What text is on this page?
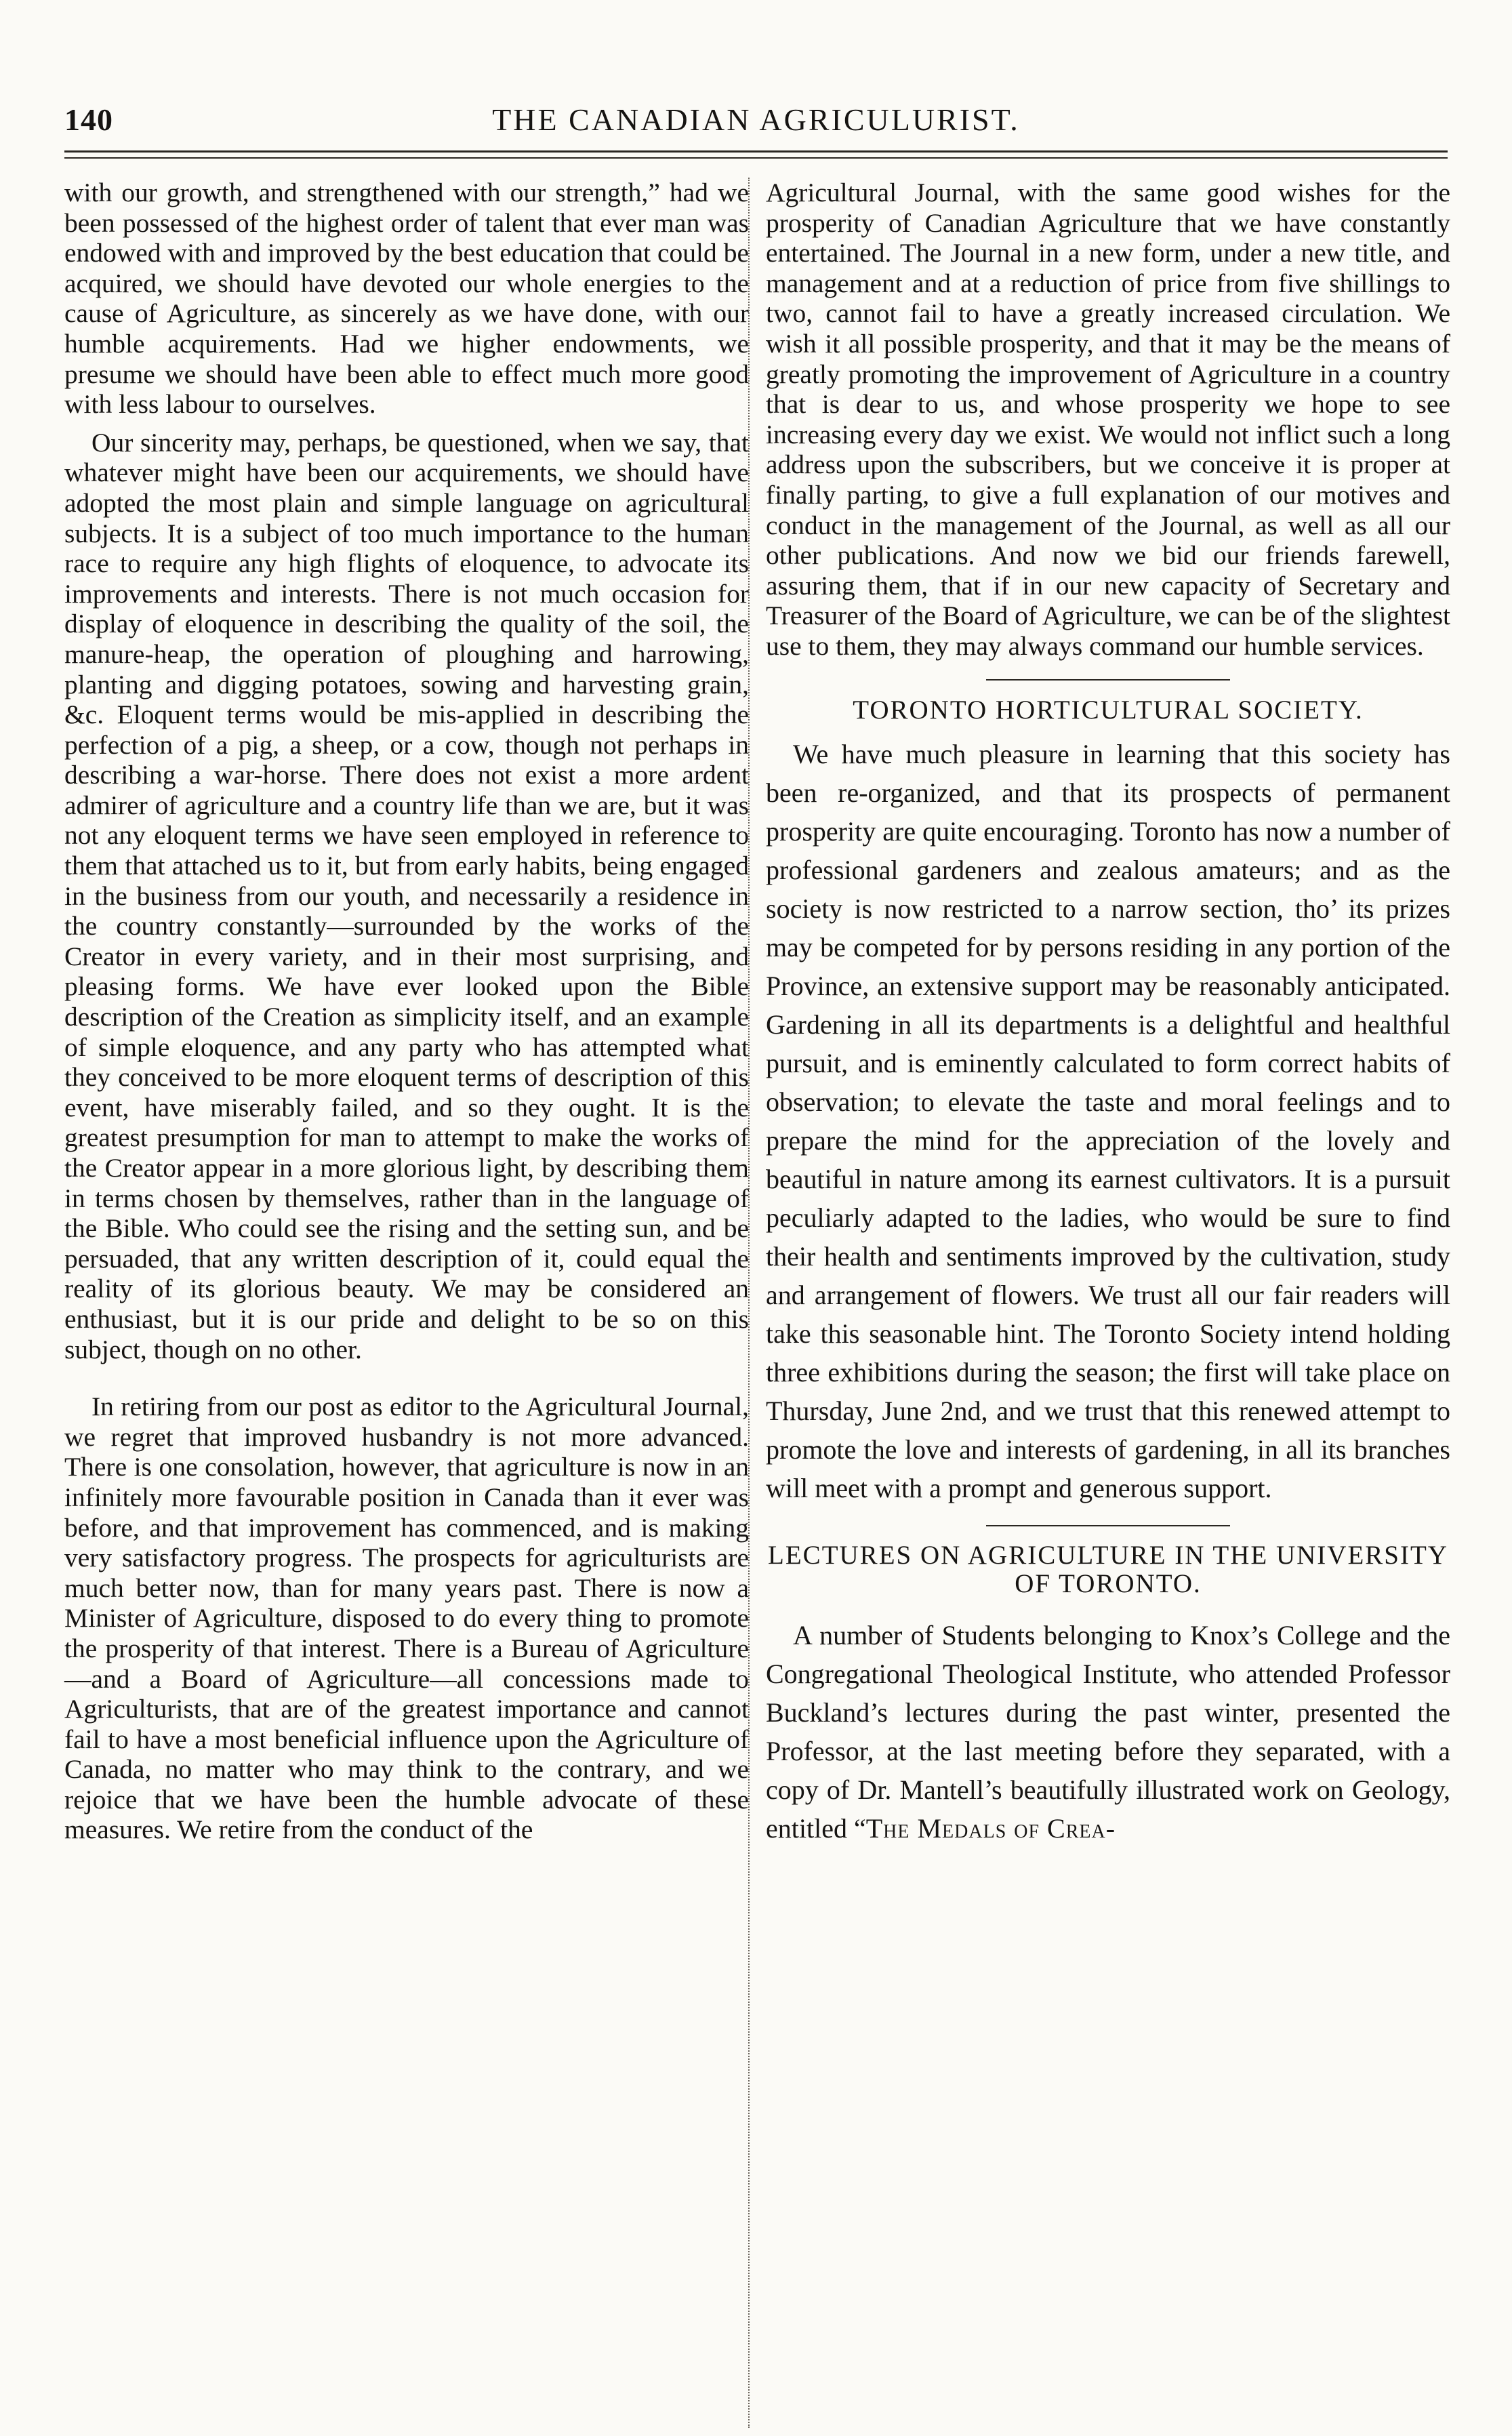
140	THE CANADIAN AGRICULURIST.

with our growth, and strengthened with our strength,” had we been possessed of the highest order of talent that ever man was endowed with and improved by the best education that could be acquired, we should have devoted our whole energies to the cause of Agriculture, as sincerely as we have done, with our humble acquirements. Had we higher endowments, we presume we should have been able to effect much more good with less labour to ourselves.

Our sincerity may, perhaps, be questioned, when we say, that whatever might have been our acquirements, we should have adopted the most plain and simple language on agricultural subjects. It is a subject of too much importance to the human race to require any high flights of eloquence, to advocate its improvements and interests. There is not much occasion for display of eloquence in describing the quality of the soil, the manure-heap, the operation of ploughing and harrowing, planting and digging potatoes, sowing and harvesting grain, &c. Eloquent terms would be mis-applied in describing the perfection of a pig, a sheep, or a cow, though not perhaps in describing a war-horse. There does not exist a more ardent admirer of agriculture and a country life than we are, but it was not any eloquent terms we have seen employed in reference to them that attached us to it, but from early habits, being engaged in the business from our youth, and necessarily a residence in the country constantly—surrounded by the works of the Creator in every variety, and in their most surprising, and pleasing forms. We have ever looked upon the Bible description of the Creation as simplicity itself, and an example of simple eloquence, and any party who has attempted what they conceived to be more eloquent terms of description of this event, have miserably failed, and so they ought. It is the greatest presumption for man to attempt to make the works of the Creator appear in a more glorious light, by describing them in terms chosen by themselves, rather than in the language of the Bible. Who could see the rising and the setting sun, and be persuaded, that any written description of it, could equal the reality of its glorious beauty. We may be considered an enthusiast, but it is our pride and delight to be so on this subject, though on no other.

In retiring from our post as editor to the Agricultural Journal, we regret that improved husbandry is not more advanced. There is one consolation, however, that agriculture is now in an infinitely more favourable position in Canada than it ever was before, and that improvement has commenced, and is making very satisfactory progress. The prospects for agriculturists are much better now, than for many years past. There is now a Minister of Agriculture, disposed to do every thing to promote the prosperity of that interest. There is a Bureau of Agriculture—and a Board of Agriculture—all concessions made to Agriculturists, that are of the greatest importance and cannot fail to have a most beneficial influence upon the Agriculture of Canada, no matter who may think to the contrary, and we rejoice that we have been the humble advocate of these measures. We retire from the conduct of the

Agricultural Journal, with the same good wishes for the prosperity of Canadian Agriculture that we have constantly entertained. The Journal in a new form, under a new title, and management and at a reduction of price from five shillings to two, cannot fail to have a greatly increased circulation. We wish it all possible prosperity, and that it may be the means of greatly promoting the improvement of Agriculture in a country that is dear to us, and whose prosperity we hope to see increasing every day we exist. We would not inflict such a long address upon the subscribers, but we conceive it is proper at finally parting, to give a full explanation of our motives and conduct in the management of the Journal, as well as all our other publications. And now we bid our friends farewell, assuring them, that if in our new capacity of Secretary and Treasurer of the Board of Agriculture, we can be of the slightest use to them, they may always command our humble services.

TORONTO HORTICULTURAL SOCIETY.

We have much pleasure in learning that this society has been re-organized, and that its prospects of permanent prosperity are quite encouraging. Toronto has now a number of professional gardeners and zealous amateurs; and as the society is now restricted to a narrow section, tho’ its prizes may be competed for by persons residing in any portion of the Province, an extensive support may be reasonably anticipated. Gardening in all its departments is a delightful and healthful pursuit, and is eminently calculated to form correct habits of observation; to elevate the taste and moral feelings and to prepare the mind for the appreciation of the lovely and beautiful in nature among its earnest cultivators. It is a pursuit peculiarly adapted to the ladies, who would be sure to find their health and sentiments improved by the cultivation, study and arrangement of flowers. We trust all our fair readers will take this seasonable hint. The Toronto Society intend holding three exhibitions during the season; the first will take place on Thursday, June 2nd, and we trust that this renewed attempt to promote the love and interests of gardening, in all its branches will meet with a prompt and generous support.

LECTURES ON AGRICULTURE IN THE UNIVERSITY OF TORONTO.

A number of Students belonging to Knox’s College and the Congregational Theological Institute, who attended Professor Buckland’s lectures during the past winter, presented the Professor, at the last meeting before they separated, with a copy of Dr. Mantell’s beautifully illustrated work on Geology, entitled “The Medals of Crea-
